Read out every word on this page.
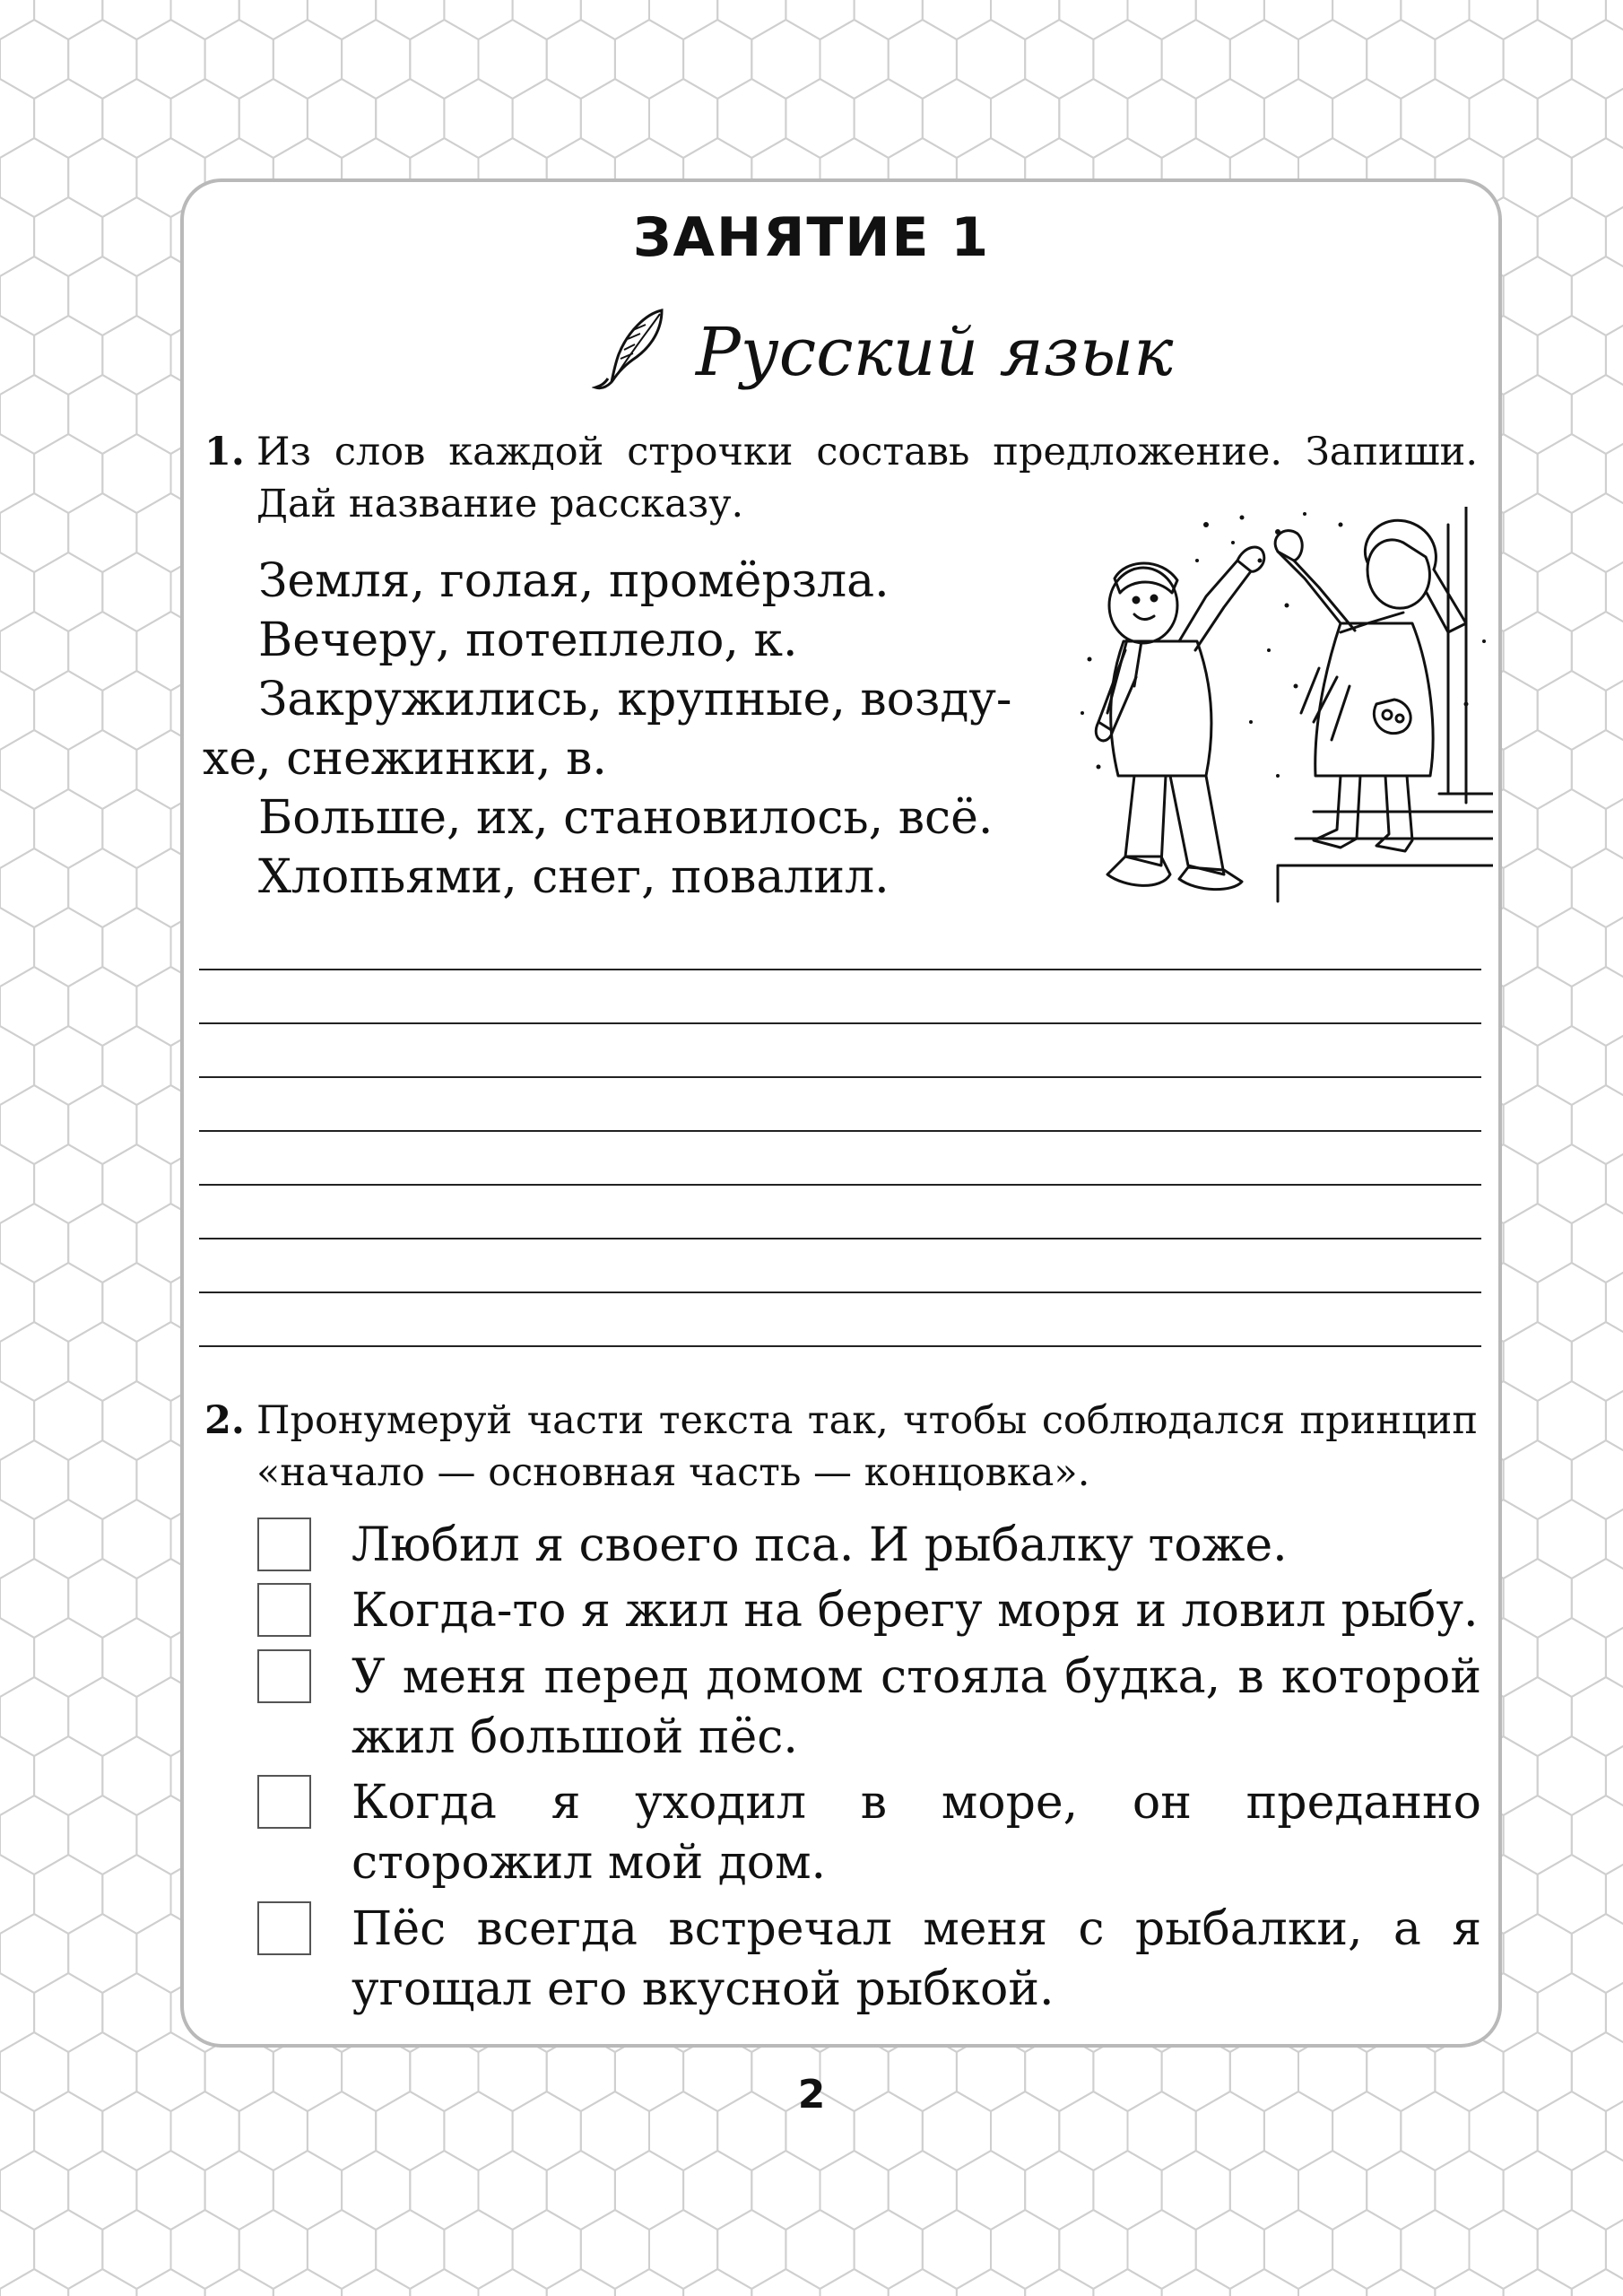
ЗАНЯТИЕ 1
Русский язык
1. Из слов каждой строчки составь предложение. Запиши. Дай название рассказу.
Земля, голая, промёрзла.
Вечеру, потеплело, к.
Закружились, крупные, возду-
хе, снежинки, в.
Больше, их, становилось, всё.
Хлопьями, снег, повалил.
2. Пронумеруй части текста так, чтобы соблюдался принцип «начало — основная часть — концовка».
Любил я своего пса. И рыбалку тоже.
Когда-то я жил на берегу моря и ловил рыбу.
У меня перед домом стояла будка, в которой жил большой пёс.
Когда я уходил в море, он преданно сторожил мой дом.
Пёс всегда встречал меня с рыбалки, а я угощал его вкусной рыбкой.
2
